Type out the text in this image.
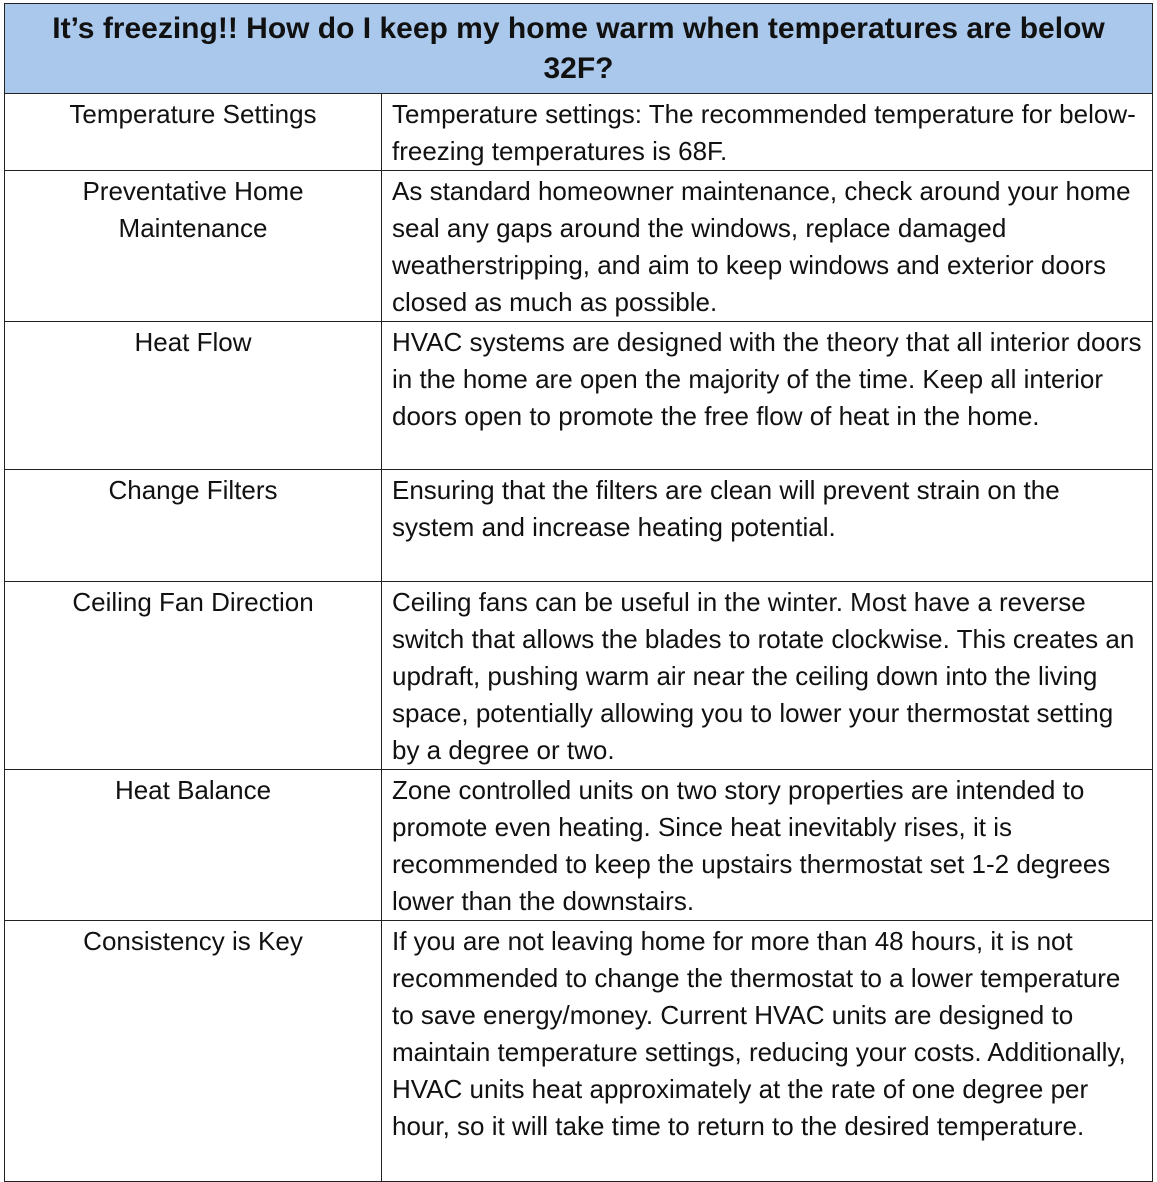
It’s freezing!! How do I keep my home warm when temperatures are below 32F?
Temperature Settings	Temperature settings: The recommended temperature for below-freezing temperatures is 68F.
Preventative Home Maintenance	As standard homeowner maintenance, check around your home seal any gaps around the windows, replace damaged weatherstripping, and aim to keep windows and exterior doors closed as much as possible.
Heat Flow	HVAC systems are designed with the theory that all interior doors in the home are open the majority of the time. Keep all interior doors open to promote the free flow of heat in the home.
Change Filters	Ensuring that the filters are clean will prevent strain on the system and increase heating potential.
Ceiling Fan Direction	Ceiling fans can be useful in the winter. Most have a reverse switch that allows the blades to rotate clockwise. This creates an updraft, pushing warm air near the ceiling down into the living space, potentially allowing you to lower your thermostat setting by a degree or two.
Heat Balance	Zone controlled units on two story properties are intended to promote even heating. Since heat inevitably rises, it is recommended to keep the upstairs thermostat set 1-2 degrees lower than the downstairs.
Consistency is Key	If you are not leaving home for more than 48 hours, it is not recommended to change the thermostat to a lower temperature to save energy/money. Current HVAC units are designed to maintain temperature settings, reducing your costs. Additionally, HVAC units heat approximately at the rate of one degree per hour, so it will take time to return to the desired temperature.
